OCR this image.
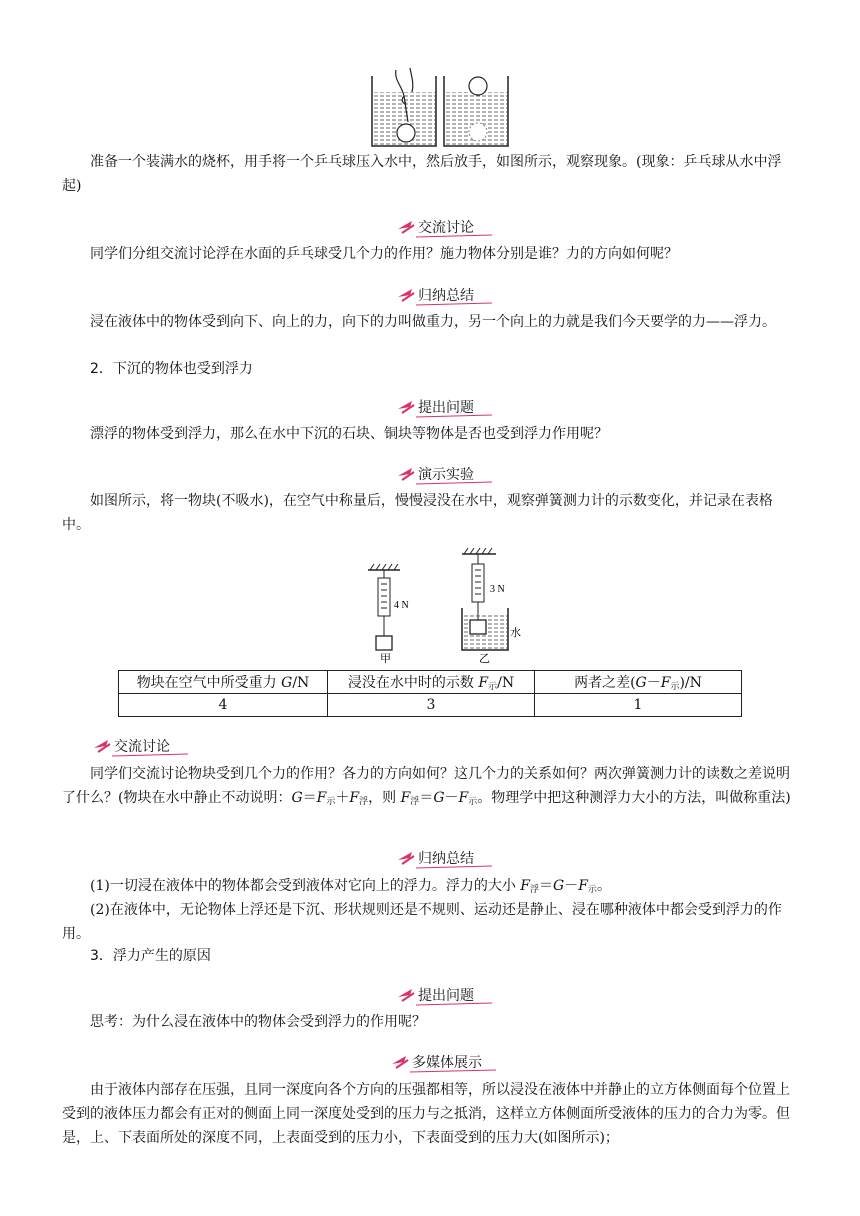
准备一个装满水的烧杯，用手将一个乒乓球压入水中，然后放手，如图所示，观察现象。(现象：乒乓球从水中浮起)

交流讨论

同学们分组交流讨论浮在水面的乒乓球受几个力的作用？施力物体分别是谁？力的方向如何呢？

归纳总结

浸在液体中的物体受到向下、向上的力，向下的力叫做重力，另一个向上的力就是我们今天要学的力——浮力。

2．下沉的物体也受到浮力
提出问题

漂浮的物体受到浮力，那么在水中下沉的石块、铜块等物体是否也受到浮力作用呢？

演示实验

如图所示，将一物块(不吸水)，在空气中称量后，慢慢浸没在水中，观察弹簧测力计的示数变化，并记录在表格中。

4 N
甲
3 N
水
乙
物块在空气中所受重力 G/N	浸没在水中时的示数 $F_示/N$	两者之差$(G-F_示)/N$
4	3	1
交流讨论

同学们交流讨论物块受到几个力的作用？各力的方向如何？这几个力的关系如何？两次弹簧测力计的读数之差说明了什么？(物块在水中静止不动说明：$G=F_示+F_浮$，则 $F_浮=G-F_示$。物理学中把这种测浮力大小的方法，叫做称重法)

归纳总结

(1)一切浸在液体中的物体都会受到液体对它向上的浮力。浮力的大小 $F_浮=G-F_示$。

(2)在液体中，无论物体上浮还是下沉、形状规则还是不规则、运动还是静止、浸在哪种液体中都会受到浮力的作用。

3．浮力产生的原因
提出问题

思考：为什么浸在液体中的物体会受到浮力的作用呢？

多媒体展示

由于液体内部存在压强，且同一深度向各个方向的压强都相等，所以浸没在液体中并静止的立方体侧面每个位置上受到的液体压力都会有正对的侧面上同一深度处受到的压力与之抵消，这样立方体侧面所受液体的压力的合力为零。但是，上、下表面所处的深度不同，上表面受到的压力小，下表面受到的压力大(如图所示)；
